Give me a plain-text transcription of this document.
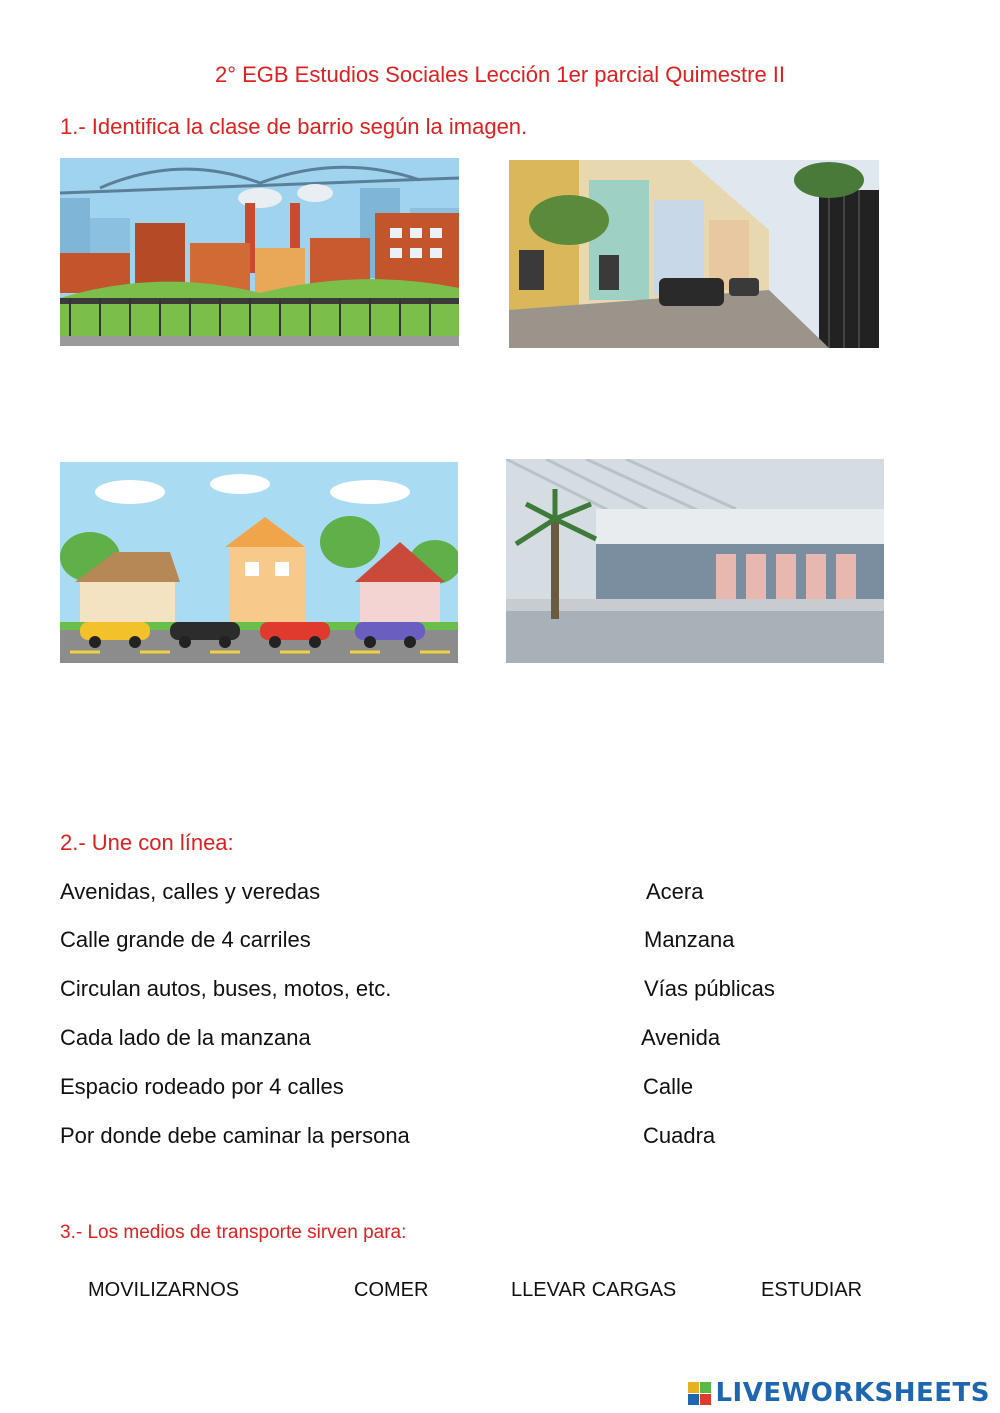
2° EGB Estudios Sociales Lección 1er parcial Quimestre II
1.- Identifica la clase de barrio según la imagen.
2.- Une con línea:
Avenidas, calles y veredas
Calle grande de 4 carriles
Circulan autos, buses, motos, etc.
Cada lado de la manzana
Espacio rodeado por 4 calles
Por donde debe caminar la persona
Acera
Manzana
Vías públicas
Avenida
Calle
Cuadra
3.- Los medios de transporte sirven para:
MOVILIZARNOS	COMER	LLEVAR CARGAS	ESTUDIAR
LIVEWORKSHEETS
